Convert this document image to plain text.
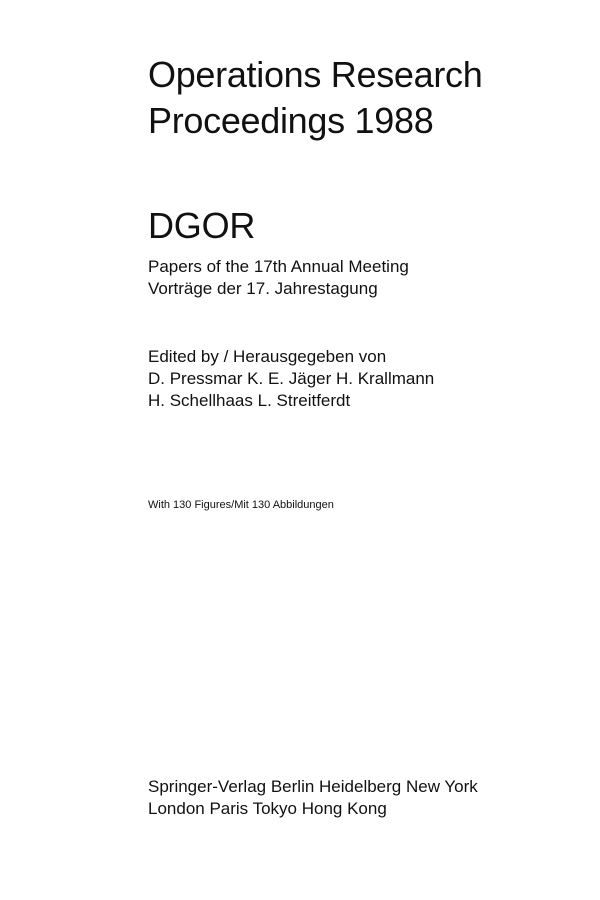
Operations Research
Proceedings 1988
DGOR
Papers of the 17th Annual Meeting
Vorträge der 17. Jahrestagung
Edited by / Herausgegeben von
D. Pressmar K. E. Jäger H. Krallmann
H. Schellhaas L. Streitferdt
With 130 Figures/Mit 130 Abbildungen
Springer-Verlag Berlin Heidelberg New York
London Paris Tokyo Hong Kong
